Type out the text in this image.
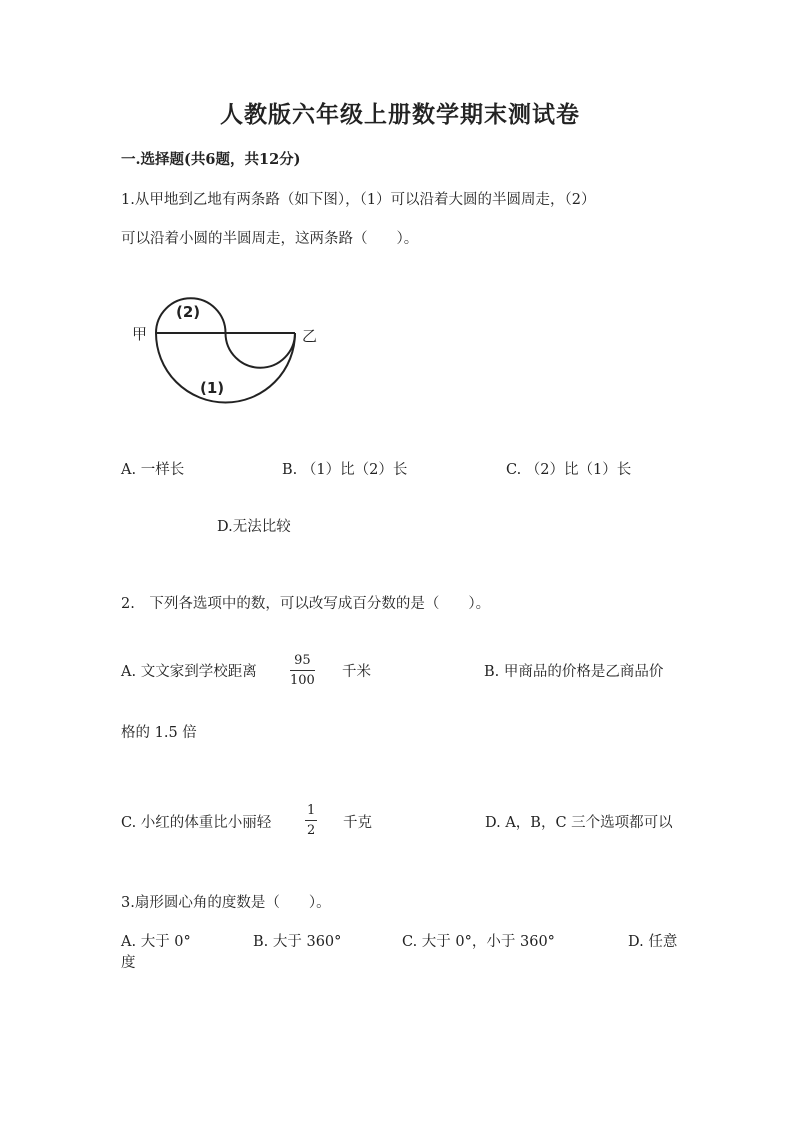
人教版六年级上册数学期末测试卷
一.选择题(共6题，共12分)
1.从甲地到乙地有两条路（如下图），（1）可以沿着大圆的半圆周走，（2）
可以沿着小圆的半圆周走，这两条路（　　）。
甲	乙
(2)
(1)
A. 一样长	B. （1）比（2）长	C. （2）比（1）长
D.无法比较
2.　下列各选项中的数，可以改写成百分数的是（　　）。
A. 文文家到学校距离	$\frac{95}{100}$ 千米	B. 甲商品的价格是乙商品价
格的 1.5 倍
C. 小红的体重比小丽轻	$\frac{1}{2}$ 千克	D. A，B，C 三个选项都可以
3.扇形圆心角的度数是（　　）。
A. 大于 0°	B. 大于 360°	C. 大于 0°，小于 360°	D. 任意
度
